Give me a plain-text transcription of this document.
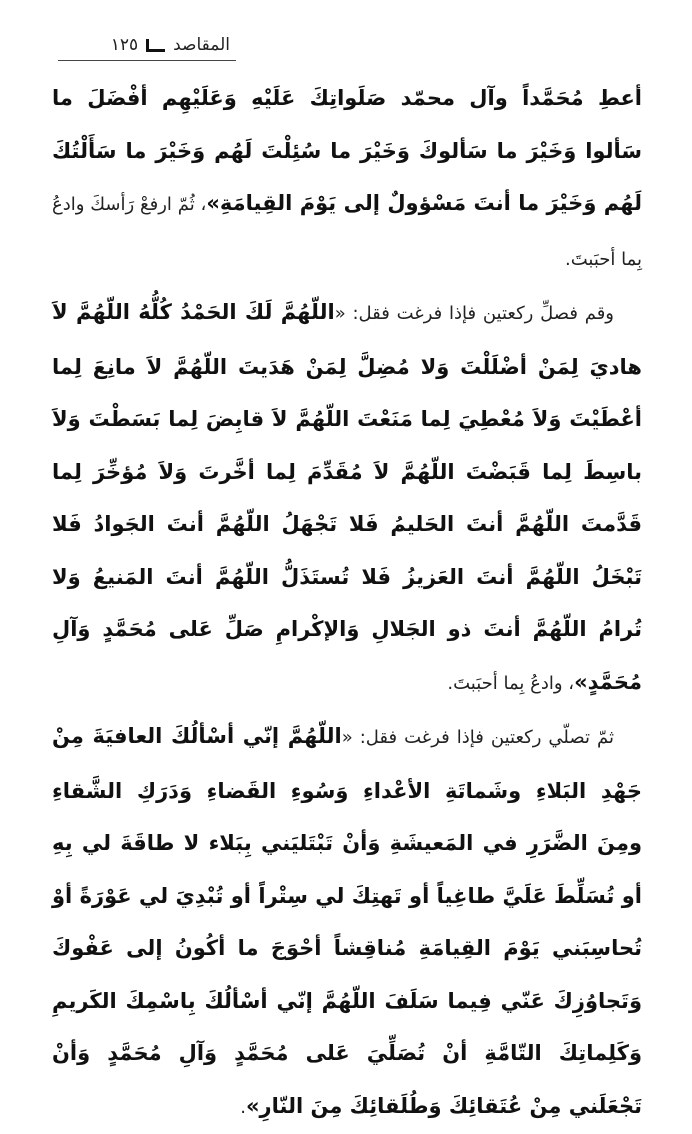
المقاصد
١٢٥

أعطِ مُحَمَّداً وآل محمّد صَلَواتِكَ عَلَيْهِ وَعَلَيْهِم أفْضَلَ ما سَألوا وَخَيْرَ ما سَألوكَ وَخَيْرَ ما سُئِلْتَ لَهُم وَخَيْرَ ما سَأَلْتُكَ لَهُم وَخَيْرَ ما أنتَ مَسْؤولٌ إلى يَوْمَ القِيامَةِ»، ثُمّ ارفعْ رَأسكَ وادعُ بِما أحبَبتَ.

وقم فصلِّ ركعتين فإذا فرغت فقل: «اللّهُمَّ لَكَ الحَمْدُ كُلُّهُ اللّهُمَّ لاَ هاديَ لِمَنْ أضْلَلْتَ وَلا مُضِلَّ لِمَنْ هَدَيتَ اللّهُمَّ لاَ مانِعَ لِما أعْطَيْتَ وَلاَ مُعْطِيَ لِما مَنَعْتَ اللّهُمَّ لاَ قابِضَ لِما بَسَطْتَ وَلاَ باسِطَ لِما قَبَضْتَ اللّهُمَّ لاَ مُقَدِّمَ لِما أخَّرتَ وَلاَ مُؤخِّرَ لِما قَدَّمتَ اللّهُمَّ أنتَ الحَليمُ فَلا تَجْهَلُ اللّهُمَّ أنتَ الجَوادُ فَلا تَبْخَلُ اللّهُمَّ أنتَ العَزيزُ فَلا تُستَذَلُّ اللّهُمَّ أنتَ المَنيعُ وَلا تُرامُ اللّهُمَّ أنتَ ذو الجَلالِ وَالإكْرامِ صَلِّ عَلى مُحَمَّدٍ وَآلِ مُحَمَّدٍ»، وادعُ بِما أحبَبتَ.

ثمّ تصلّي ركعتين فإذا فرغت فقل: «اللّهُمَّ إنّي أسْألُكَ العافيَةَ مِنْ جَهْدِ البَلاءِ وشَماتَةِ الأعْداءِ وَسُوءِ القَضاءِ وَدَرَكِ الشَّقاءِ ومِنَ الضَّرَرِ في المَعيشَةِ وَأنْ تَبْتَليَني بِبَلاء لا طاقَةَ لي بِهِ أو تُسَلِّطَ عَلَيَّ طاغِياً أو تَهتِكَ لي سِتْراً أو تُبْدِيَ لي عَوْرَةً أوْ تُحاسِبَني يَوْمَ القِيامَةِ مُناقِشاً أحْوَجَ ما أكُونُ إلى عَفْوكَ وَتَجاوُزِكَ عَنّي فِيما سَلَفَ اللّهُمَّ إنّي أسْألُكَ بِاسْمِكَ الكَريمِ وَكَلِماتِكَ التّامَّةِ أنْ تُصَلِّيَ عَلى مُحَمَّدٍ وَآلِ مُحَمَّدٍ وَأنْ تَجْعَلَني مِنْ عُتَقائِكَ وَطُلَقائِكَ مِنَ النّارِ».
